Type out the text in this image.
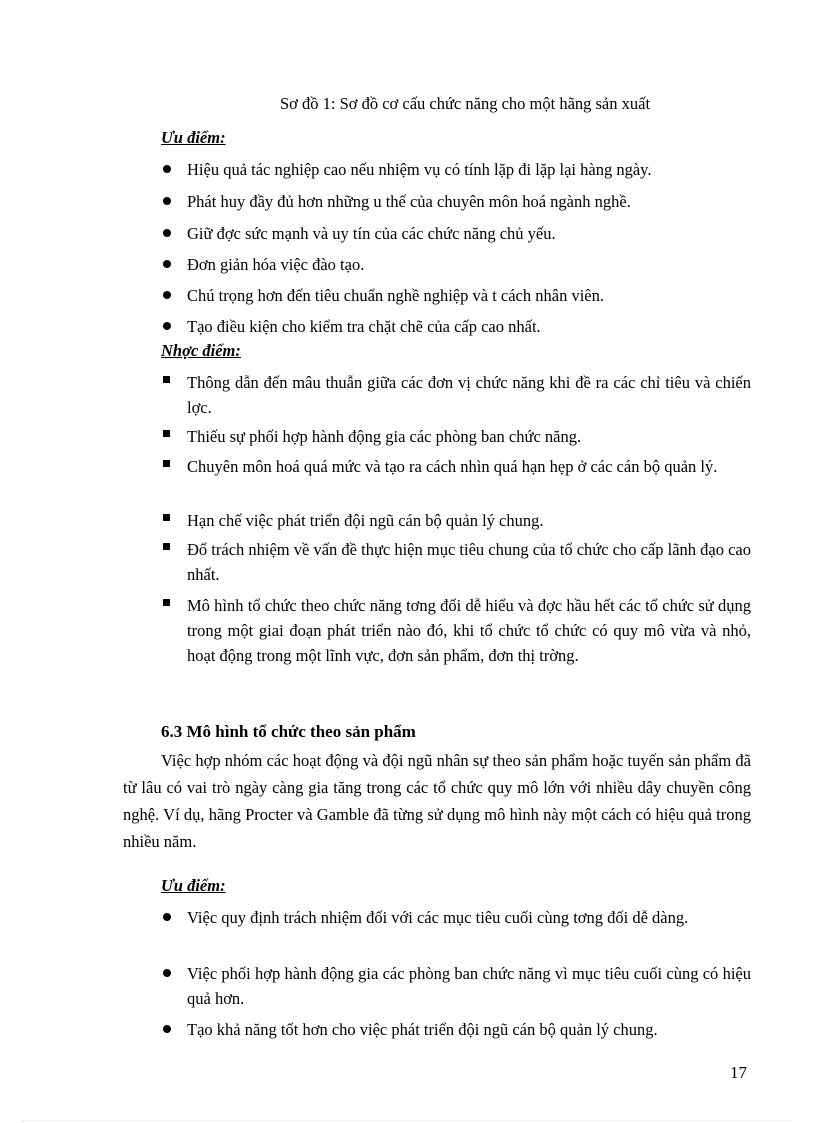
Sơ đồ 1: Sơ đồ cơ cấu chức năng cho một hãng sản xuất
Ưu điểm:
Hiệu quả tác nghiệp cao nếu nhiệm vụ có tính lặp đi lặp lại hàng ngày.
Phát huy đầy đủ hơn những u thế của chuyên môn hoá ngành nghề.
Giữ đợc sức mạnh và uy tín của các chức năng chủ yếu.
Đơn giản hóa việc đào tạo.
Chú trọng hơn đến tiêu chuẩn nghề nghiệp và t cách nhân viên.
Tạo điều kiện cho kiểm tra chặt chẽ của cấp cao nhất.
Nhợc điểm:
Thông dẫn đến mâu thuẫn giữa các đơn vị chức năng khi đề ra các chỉ tiêu và chiến lợc.
Thiếu sự phối hợp hành động gia các phòng ban chức năng.
Chuyên môn hoá quá mức và tạo ra cách nhìn quá hạn hẹp ở các cán bộ quản lý.
Hạn chế việc phát triển đội ngũ cán bộ quản lý chung.
Đổ trách nhiệm về vấn đề thực hiện mục tiêu chung của tổ chức cho cấp lãnh đạo cao nhất.
Mô hình tổ chức theo chức năng tơng đối dễ hiểu và đợc hầu hết các tổ chức sử dụng trong một giai đoạn phát triển nào đó, khi tổ chức tổ chức có quy mô vừa và nhỏ, hoạt động trong một lĩnh vực, đơn sản phẩm, đơn thị trờng.
6.3 Mô hình tổ chức theo sản phẩm
Việc hợp nhóm các hoạt động và đội ngũ nhân sự theo sản phẩm hoặc tuyến sản phẩm đã từ lâu có vai trò ngày càng gia tăng trong các tổ chức quy mô lớn với nhiều dây chuyền công nghệ. Ví dụ, hãng Procter và Gamble đã từng sử dụng mô hình này một cách có hiệu quả trong nhiều năm.
Ưu điểm:
Việc quy định trách nhiệm đối với các mục tiêu cuối cùng tơng đối dễ dàng.
Việc phối hợp hành động gia các phòng ban chức năng vì mục tiêu cuối cùng có hiệu quả hơn.
Tạo khả năng tốt hơn cho việc phát triển đội ngũ cán bộ quản lý chung.
17
